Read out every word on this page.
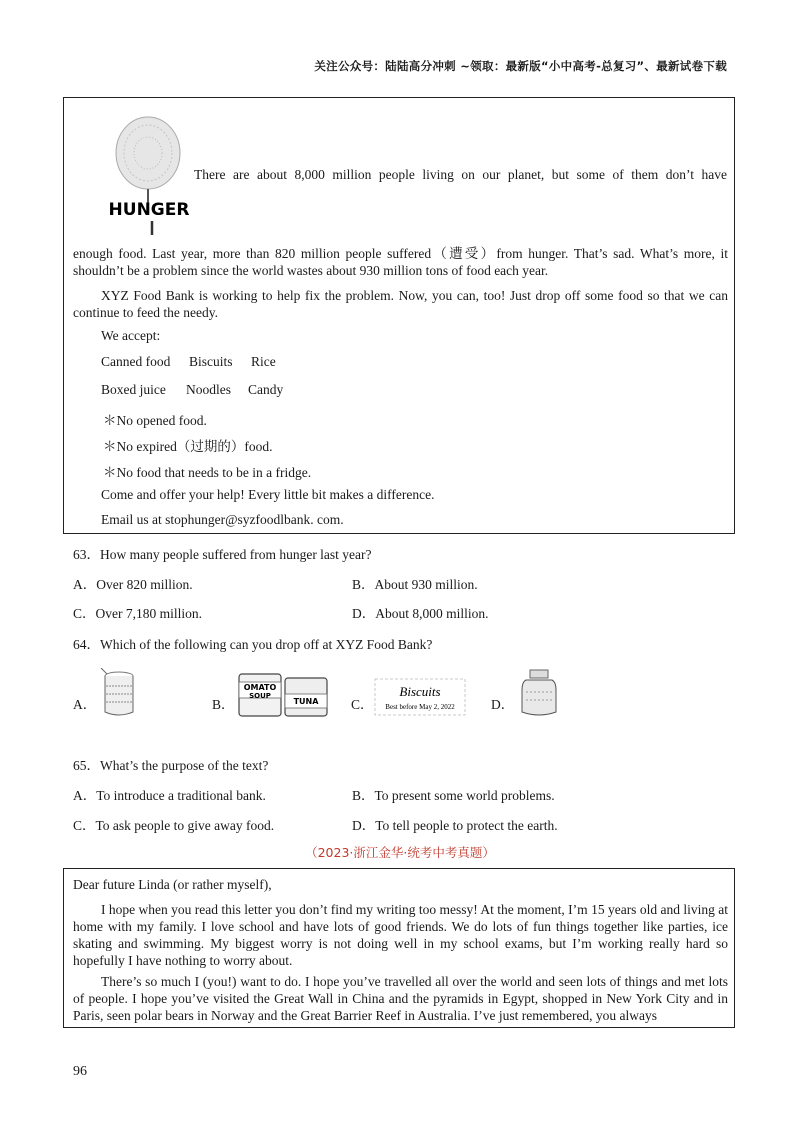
关注公众号：陆陆高分冲刺 ~领取：最新版“小中高考-总复习”、最新试卷下载
HUNGER

There are about 8,000 million people living on our planet, but some of them don’t have

enough food. Last year, more than 820 million people suffered（遭受）from hunger. That’s sad. What’s more, it shouldn’t be a problem since the world wastes about 930 million tons of food each year.

XYZ Food Bank is working to help fix the problem. Now, you can, too! Just drop off some food so that we can continue to feed the needy.

We accept:
Canned food Biscuits Rice
Boxed juice Noodles Candy
＊No opened food.
＊No expired（过期的）food.
＊No food that needs to be in a fridge.
Come and offer your help! Every little bit makes a difference.
Email us at stophunger@syzfoodlbank. com.
63．How many people suffered from hunger last year?
A．Over 820 million.	B．About 930 million.
C．Over 7,180 million.	D．About 8,000 million.
64．Which of the following can you drop off at XYZ Food Bank?
A．	B．
OMATO
SOUP
TUNA C．
Biscuits
Best before May 2, 2022	D．
65．What’s the purpose of the text?
A．To introduce a traditional bank.	B．To present some world problems.
C．To ask people to give away food.	D．To tell people to protect the earth.
（2023·浙江金华·统考中考真题）

Dear future Linda (or rather myself),

I hope when you read this letter you don’t find my writing too messy! At the moment, I’m 15 years old and living at home with my family. I love school and have lots of good friends. We do lots of fun things together like parties, ice skating and swimming. My biggest worry is not doing well in my school exams, but I’m working really hard so hopefully I have nothing to worry about.

There’s so much I (you!) want to do. I hope you’ve travelled all over the world and seen lots of things and met lots of people. I hope you’ve visited the Great Wall in China and the pyramids in Egypt, shopped in New York City and in Paris, seen polar bears in Norway and the Great Barrier Reef in Australia. I’ve just remembered, you always

96
